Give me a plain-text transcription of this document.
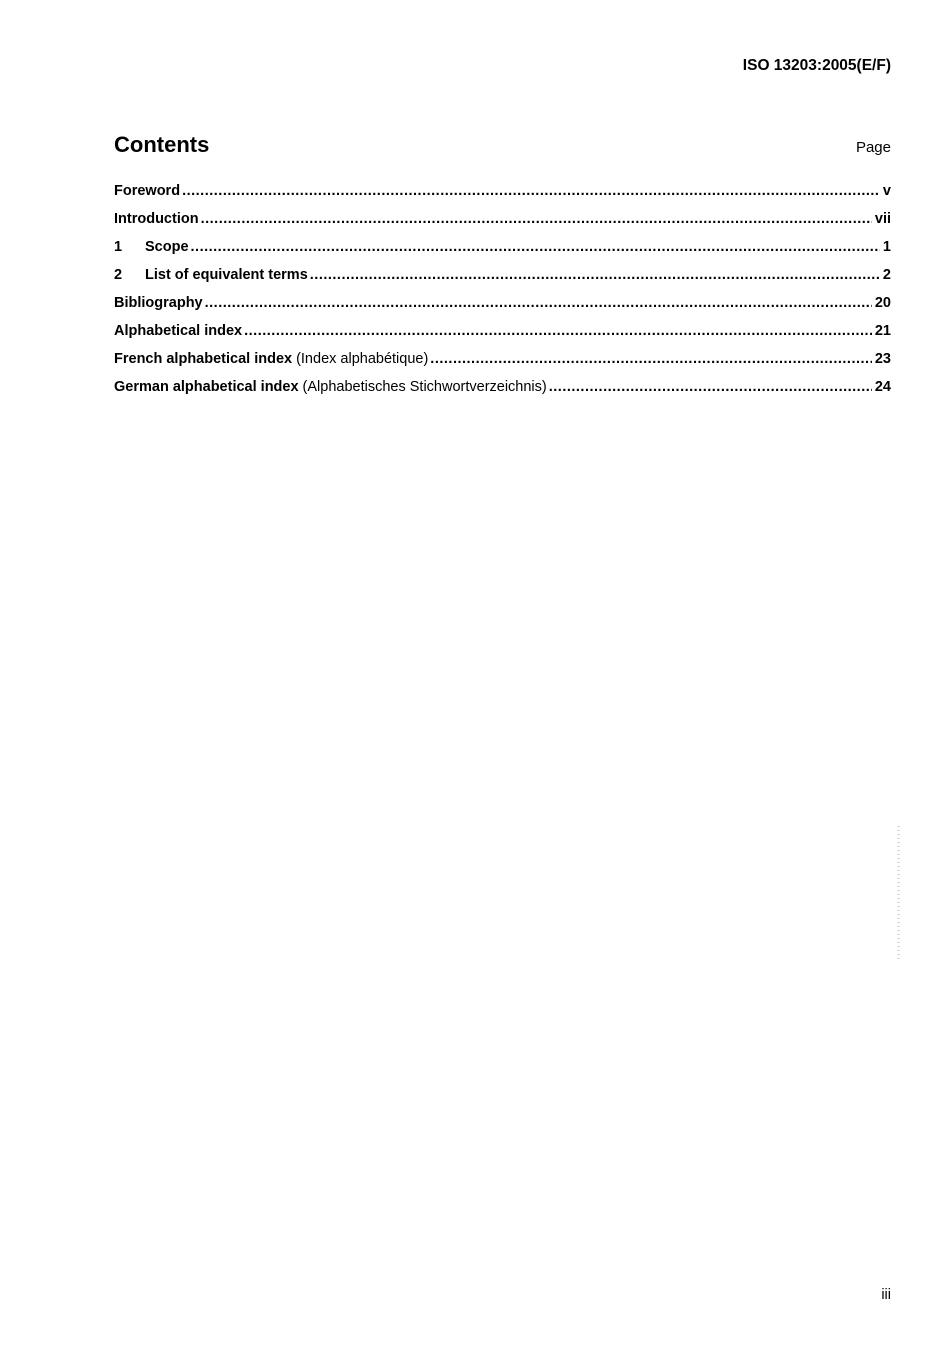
ISO 13203:2005(E/F)
Contents	Page
Foreword .....	v
Introduction .....	vii
1	Scope .....	1
2	List of equivalent terms .....	2
Bibliography .....	20
Alphabetical index .....	21
French alphabetical index (Index alphabétique) .....	23
German alphabetical index (Alphabetisches Stichwortverzeichnis) .....	24
iii
